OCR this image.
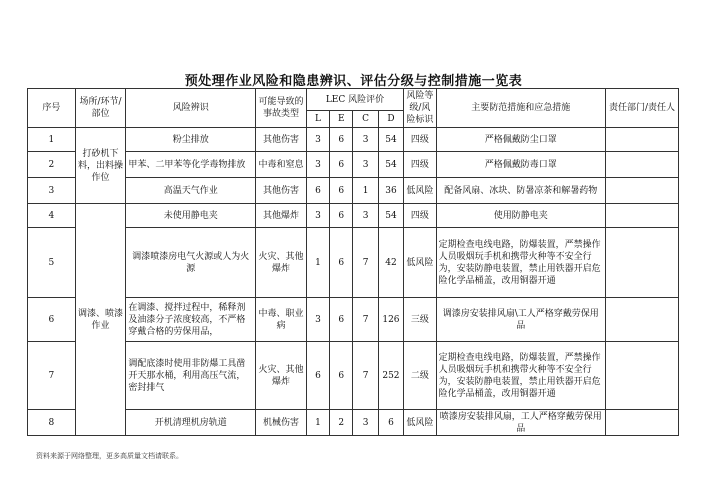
预处理作业风险和隐患辨识、评估分级与控制措施一览表
序号	场所/环节/部位	风险辨识	可能导致的事故类型	LEC 风险评价				风险等级/风险标识	主要防范措施和应急措施	责任部门/责任人
				L	E	C	D			
1	打砂机下料，出料操作位	粉尘排放	其他伤害	3	6	3	54	四级	严格佩戴防尘口罩	
2		甲苯、二甲苯等化学毒物排放	中毒和窒息	3	6	3	54	四级	严格佩戴防毒口罩	
3		高温天气作业	其他伤害	6	6	1	36	低风险	配备风扇、冰块、防暑凉茶和解暑药物	
4	调漆、喷漆作业	未使用静电夹	其他爆炸	3	6	3	54	四级	使用防静电夹	
5		调漆喷漆房电气火源或人为火源	火灾、其他爆炸	1	6	7	42	低风险	定期检查电线电路，防爆装置，严禁操作人员吸烟玩手机和携带火种等不安全行为，安装防静电装置，禁止用铁器开启危险化学品桶盖，改用铜器开通	
6		在调漆、搅拌过程中，稀释剂及油漆分子浓度较高，不严格穿戴合格的劳保用品，	中毒、职业病	3	6	7	126	三级	调漆房安装排风扇\工人严格穿戴劳保用品	
7		调配底漆时使用非防爆工具凿开天那水桶，利用高压气流，密封排气	火灾、其他爆炸	6	6	7	252	二级	定期检查电线电路，防爆装置，严禁操作人员吸烟玩手机和携带火种等不安全行为，安装防静电装置，禁止用铁器开启危险化学品桶盖，改用铜器开通	
8		开机清理机房轨道	机械伤害	1	2	3	6	低风险	喷漆房安装排风扇，工人严格穿戴劳保用品	
资料来源于网络整理，更多高质量文档请联系。
